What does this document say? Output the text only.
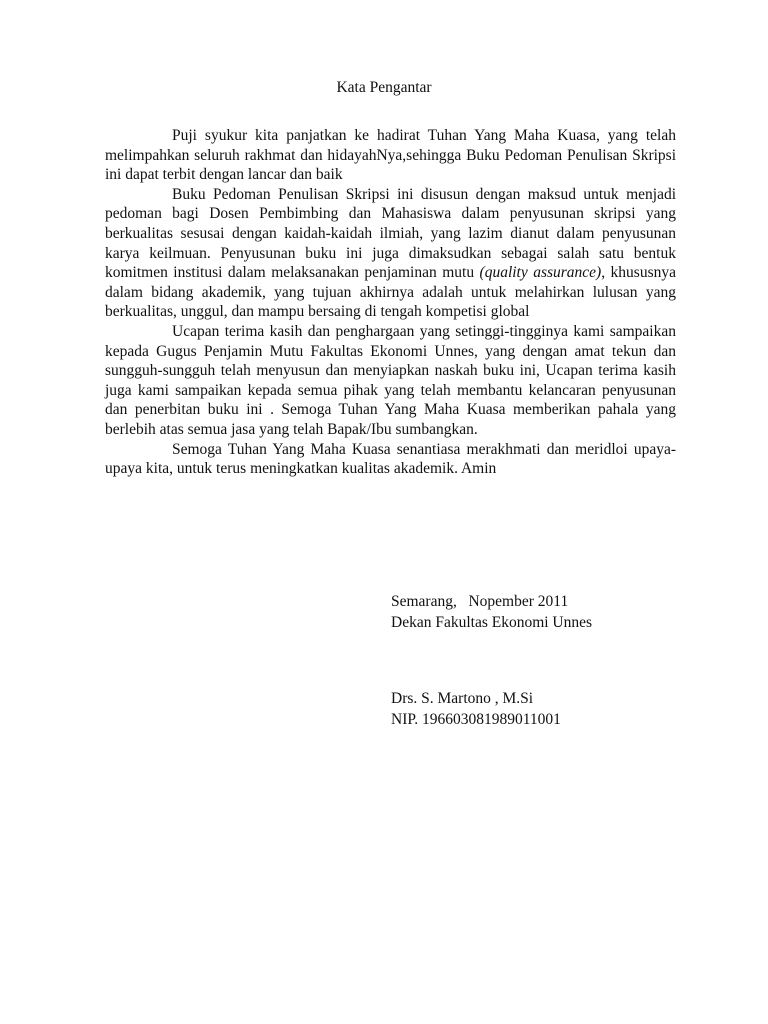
Kata Pengantar

Puji syukur kita panjatkan ke hadirat Tuhan Yang Maha Kuasa, yang telah melimpahkan seluruh rakhmat dan hidayahNya,sehingga Buku Pedoman Penulisan Skripsi ini dapat terbit dengan lancar dan baik

Buku Pedoman Penulisan Skripsi ini disusun dengan maksud untuk menjadi pedoman bagi Dosen Pembimbing dan Mahasiswa dalam penyusunan skripsi yang berkualitas sesusai dengan kaidah-kaidah ilmiah, yang lazim dianut dalam penyusunan karya keilmuan. Penyusunan buku ini juga dimaksudkan sebagai salah satu bentuk komitmen institusi dalam melaksanakan penjaminan mutu (quality assurance), khususnya dalam bidang akademik, yang tujuan akhirnya adalah untuk melahirkan lulusan yang berkualitas, unggul, dan mampu bersaing di tengah kompetisi global

Ucapan terima kasih dan penghargaan yang setinggi-tingginya kami sampaikan kepada Gugus Penjamin Mutu Fakultas Ekonomi Unnes, yang dengan amat tekun dan sungguh-sungguh telah menyusun dan menyiapkan naskah buku ini, Ucapan terima kasih juga kami sampaikan kepada semua pihak yang telah membantu kelancaran penyusunan dan penerbitan buku ini . Semoga Tuhan Yang Maha Kuasa memberikan pahala yang berlebih atas semua jasa yang telah Bapak/Ibu sumbangkan.

Semoga Tuhan Yang Maha Kuasa senantiasa merakhmati dan meridloi upaya-upaya kita, untuk terus meningkatkan kualitas akademik. Amin

Semarang,   Nopember 2011
Dekan Fakultas Ekonomi Unnes
Drs. S. Martono , M.Si
NIP. 196603081989011001
